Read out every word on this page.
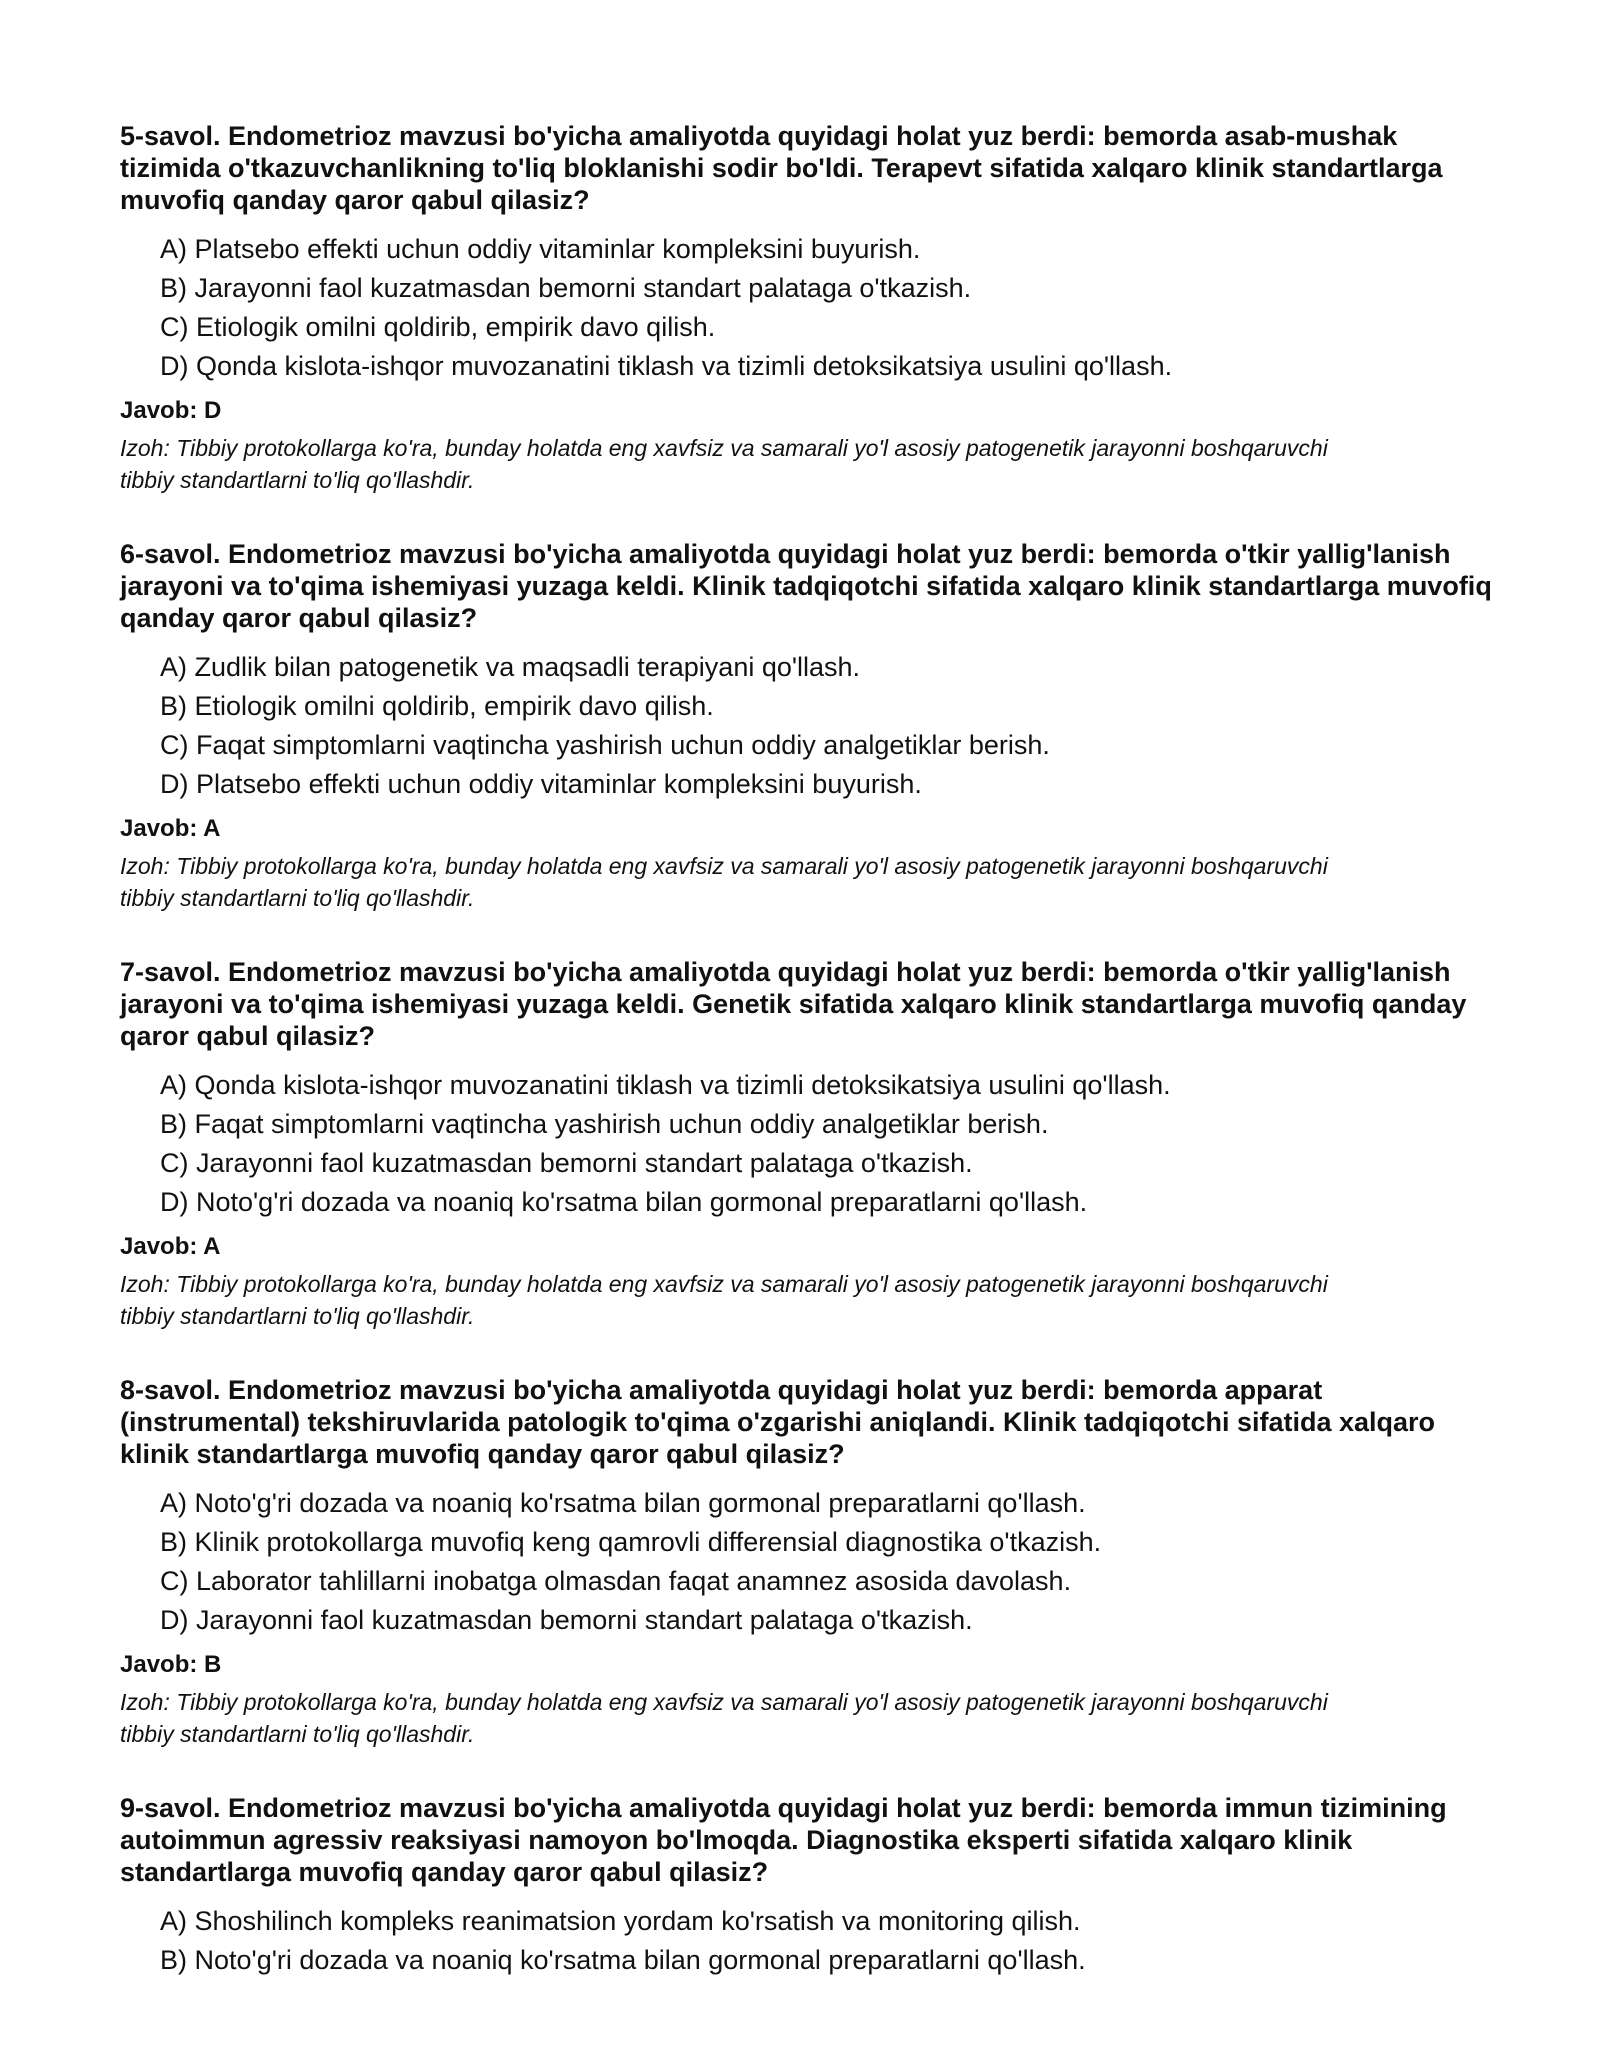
5-savol. Endometrioz mavzusi bo'yicha amaliyotda quyidagi holat yuz berdi: bemorda asab-mushak tizimida o'tkazuvchanlikning to'liq bloklanishi sodir bo'ldi. Terapevt sifatida xalqaro klinik standartlarga muvofiq qanday qaror qabul qilasiz?

A) Platsebo effekti uchun oddiy vitaminlar kompleksini buyurish.
B) Jarayonni faol kuzatmasdan bemorni standart palataga o'tkazish.
C) Etiologik omilni qoldirib, empirik davo qilish.
D) Qonda kislota-ishqor muvozanatini tiklash va tizimli detoksikatsiya usulini qo'llash.

Javob: D

Izoh: Tibbiy protokollarga ko'ra, bunday holatda eng xavfsiz va samarali yo'l asosiy patogenetik jarayonni boshqaruvchi tibbiy standartlarni to'liq qo'llashdir.

6-savol. Endometrioz mavzusi bo'yicha amaliyotda quyidagi holat yuz berdi: bemorda o'tkir yallig'lanish jarayoni va to'qima ishemiyasi yuzaga keldi. Klinik tadqiqotchi sifatida xalqaro klinik standartlarga muvofiq qanday qaror qabul qilasiz?

A) Zudlik bilan patogenetik va maqsadli terapiyani qo'llash.
B) Etiologik omilni qoldirib, empirik davo qilish.
C) Faqat simptomlarni vaqtincha yashirish uchun oddiy analgetiklar berish.
D) Platsebo effekti uchun oddiy vitaminlar kompleksini buyurish.

Javob: A

Izoh: Tibbiy protokollarga ko'ra, bunday holatda eng xavfsiz va samarali yo'l asosiy patogenetik jarayonni boshqaruvchi tibbiy standartlarni to'liq qo'llashdir.

7-savol. Endometrioz mavzusi bo'yicha amaliyotda quyidagi holat yuz berdi: bemorda o'tkir yallig'lanish jarayoni va to'qima ishemiyasi yuzaga keldi. Genetik sifatida xalqaro klinik standartlarga muvofiq qanday qaror qabul qilasiz?

A) Qonda kislota-ishqor muvozanatini tiklash va tizimli detoksikatsiya usulini qo'llash.
B) Faqat simptomlarni vaqtincha yashirish uchun oddiy analgetiklar berish.
C) Jarayonni faol kuzatmasdan bemorni standart palataga o'tkazish.
D) Noto'g'ri dozada va noaniq ko'rsatma bilan gormonal preparatlarni qo'llash.

Javob: A

Izoh: Tibbiy protokollarga ko'ra, bunday holatda eng xavfsiz va samarali yo'l asosiy patogenetik jarayonni boshqaruvchi tibbiy standartlarni to'liq qo'llashdir.

8-savol. Endometrioz mavzusi bo'yicha amaliyotda quyidagi holat yuz berdi: bemorda apparat (instrumental) tekshiruvlarida patologik to'qima o'zgarishi aniqlandi. Klinik tadqiqotchi sifatida xalqaro klinik standartlarga muvofiq qanday qaror qabul qilasiz?

A) Noto'g'ri dozada va noaniq ko'rsatma bilan gormonal preparatlarni qo'llash.
B) Klinik protokollarga muvofiq keng qamrovli differensial diagnostika o'tkazish.
C) Laborator tahlillarni inobatga olmasdan faqat anamnez asosida davolash.
D) Jarayonni faol kuzatmasdan bemorni standart palataga o'tkazish.

Javob: B

Izoh: Tibbiy protokollarga ko'ra, bunday holatda eng xavfsiz va samarali yo'l asosiy patogenetik jarayonni boshqaruvchi tibbiy standartlarni to'liq qo'llashdir.

9-savol. Endometrioz mavzusi bo'yicha amaliyotda quyidagi holat yuz berdi: bemorda immun tizimining autoimmun agressiv reaksiyasi namoyon bo'lmoqda. Diagnostika eksperti sifatida xalqaro klinik standartlarga muvofiq qanday qaror qabul qilasiz?

A) Shoshilinch kompleks reanimatsion yordam ko'rsatish va monitoring qilish.
B) Noto'g'ri dozada va noaniq ko'rsatma bilan gormonal preparatlarni qo'llash.
